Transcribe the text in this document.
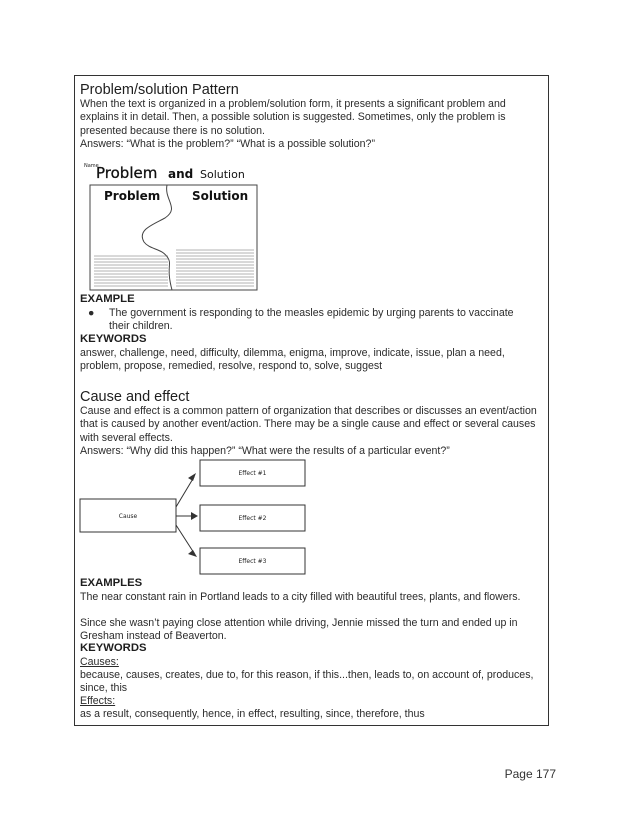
Problem/solution Pattern

When the text is organized in a problem/solution form, it presents a significant problem and explains it in detail. Then, a possible solution is suggested. Sometimes, only the problem is presented because there is no solution.

Answers: “What is the problem?” “What is a possible solution?”

Name
Problem and Solution
Problem	Solution
EXAMPLE
●	The government is responding to the measles epidemic by urging parents to vaccinate their children.
KEYWORDS

answer, challenge, need, difficulty, dilemma, enigma, improve, indicate, issue, plan a need, problem, propose, remedied, resolve, respond to, solve, suggest

Cause and effect

Cause and effect is a common pattern of organization that describes or discusses an event/action that is caused by another event/action. There may be a single cause and effect or several causes with several effects.

Answers: “Why did this happen?” “What were the results of a particular event?”

Cause
Effect #1
Effect #2
Effect #3
EXAMPLES

The near constant rain in Portland leads to a city filled with beautiful trees, plants, and flowers.

Since she wasn’t paying close attention while driving, Jennie missed the turn and ended up in Gresham instead of Beaverton.

KEYWORDS

Causes:

because, causes, creates, due to, for this reason, if this...then, leads to, on account of, produces, since, this

Effects:

as a result, consequently, hence, in effect, resulting, since, therefore, thus

Page 177
